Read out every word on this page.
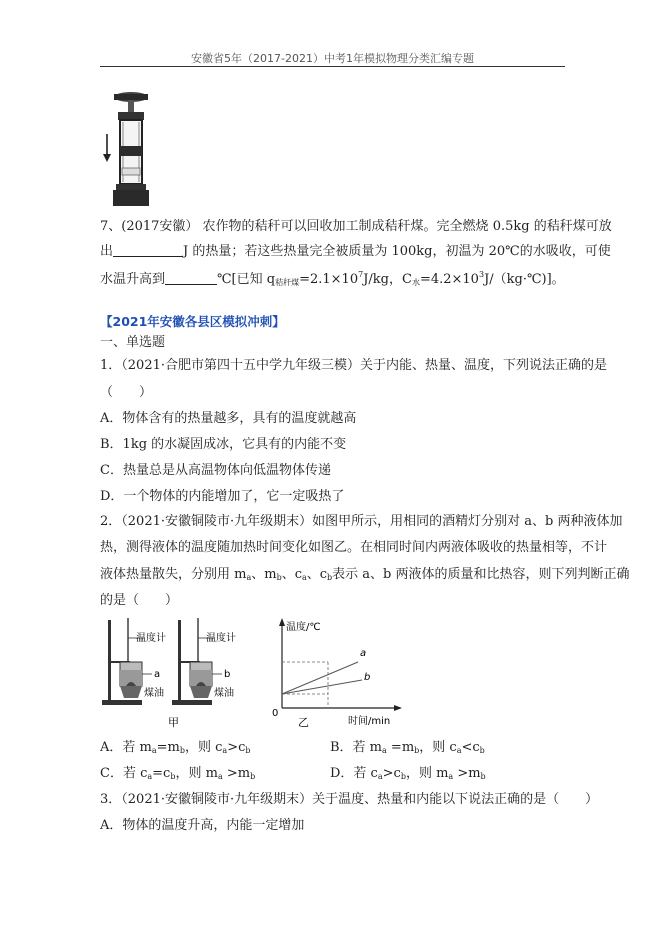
安徽省5年（2017-2021）中考1年模拟物理分类汇编专题
7、(2017安徽） 农作物的秸秆可以回收加工制成秸秆煤。完全燃烧 0.5kg 的秸秆煤可放
出	J 的热量；若这些热量完全被质量为 100kg，初温为 20℃的水吸收，可使
水温升高到	℃[已知 $q_{秸秆煤}=2.1\times 10^7J/kg$，$C_水=4.2\times 10^3J/(kg\cdot℃)$]。
【2021年安徽各县区模拟冲刺】
一、单选题
1．（2021·合肥市第四十五中学九年级三模）关于内能、热量、温度，下列说法正确的是
（　　）
A．物体含有的热量越多，具有的温度就越高
B．1kg 的水凝固成冰，它具有的内能不变
C．热量总是从高温物体向低温物体传递
D．一个物体的内能增加了，它一定吸热了
2．（2021·安徽铜陵市·九年级期末）如图甲所示，用相同的酒精灯分别对 a、b 两种液体加
热，测得液体的温度随加热时间变化如图乙。在相同时间内两液体吸收的热量相等，不计
液体热量散失，分别用 $m_a$、$m_b$、$c_a$、$c_b$表示 a、b 两液体的质量和比热容，则下列判断正确
的是（　　）
温度计
a
煤油
温度计
b
煤油
甲
温度/℃
时间/min
0
a
b
乙
A．若 $m_a=m_b$，则 $c_a>c_b$	B．若 $m_a =m_b$，则 $c_a<c_b$
C．若 $c_a=c_b$，则 $m_a >m_b$	D．若 $c_a>c_b$，则 $m_a >m_b$
3．（2021·安徽铜陵市·九年级期末）关于温度、热量和内能以下说法正确的是（　　）
A．物体的温度升高，内能一定增加
